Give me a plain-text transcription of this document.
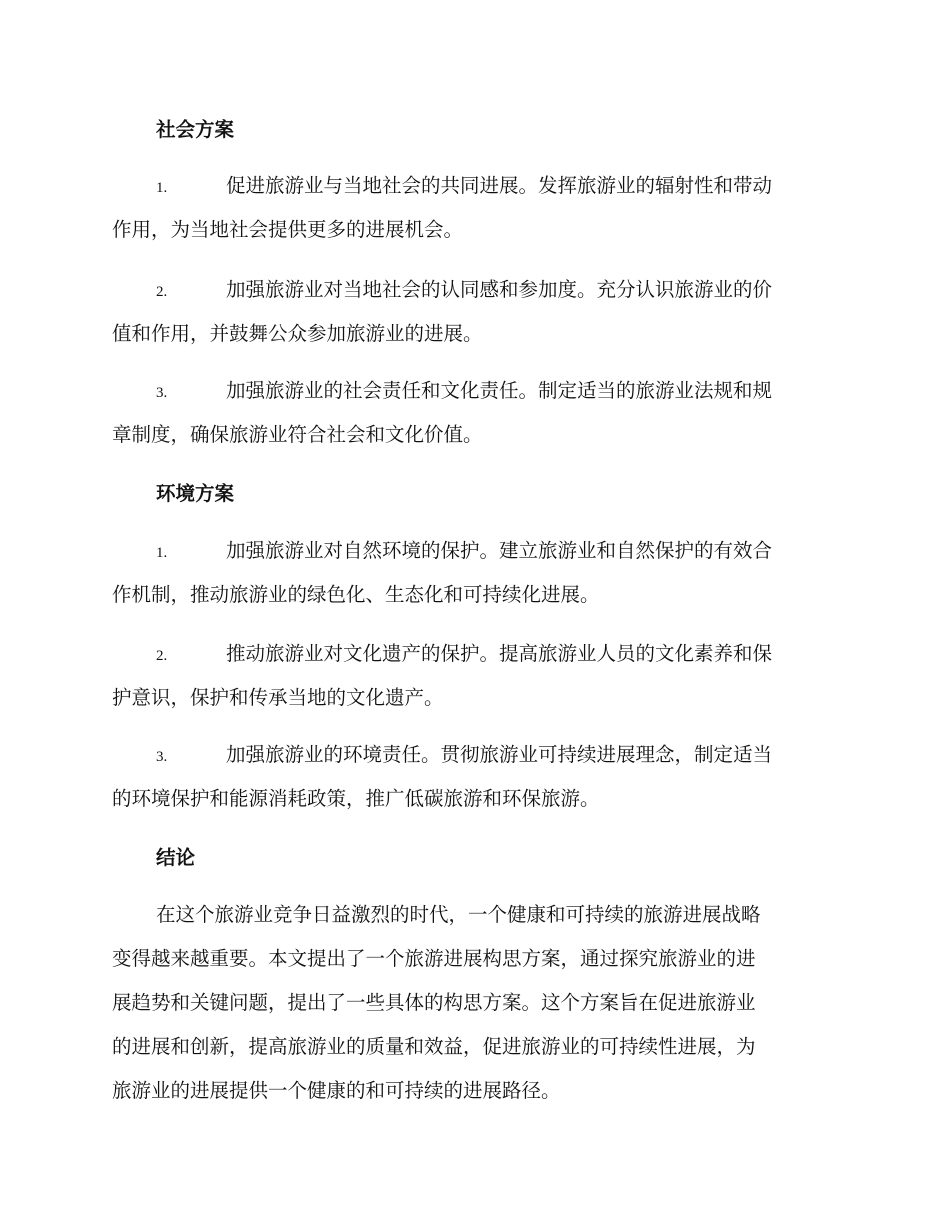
社会方案
1.	促进旅游业与当地社会的共同进展。发挥旅游业的辐射性和带动
作用，为当地社会提供更多的进展机会。
2.	加强旅游业对当地社会的认同感和参加度。充分认识旅游业的价
值和作用，并鼓舞公众参加旅游业的进展。
3.	加强旅游业的社会责任和文化责任。制定适当的旅游业法规和规
章制度，确保旅游业符合社会和文化价值。
环境方案
1.	加强旅游业对自然环境的保护。建立旅游业和自然保护的有效合
作机制，推动旅游业的绿色化、生态化和可持续化进展。
2.	推动旅游业对文化遗产的保护。提高旅游业人员的文化素养和保
护意识，保护和传承当地的文化遗产。
3.	加强旅游业的环境责任。贯彻旅游业可持续进展理念，制定适当
的环境保护和能源消耗政策，推广低碳旅游和环保旅游。
结论
在这个旅游业竞争日益激烈的时代，一个健康和可持续的旅游进展战略
变得越来越重要。本文提出了一个旅游进展构思方案，通过探究旅游业的进
展趋势和关键问题，提出了一些具体的构思方案。这个方案旨在促进旅游业
的进展和创新，提高旅游业的质量和效益，促进旅游业的可持续性进展，为
旅游业的进展提供一个健康的和可持续的进展路径。
